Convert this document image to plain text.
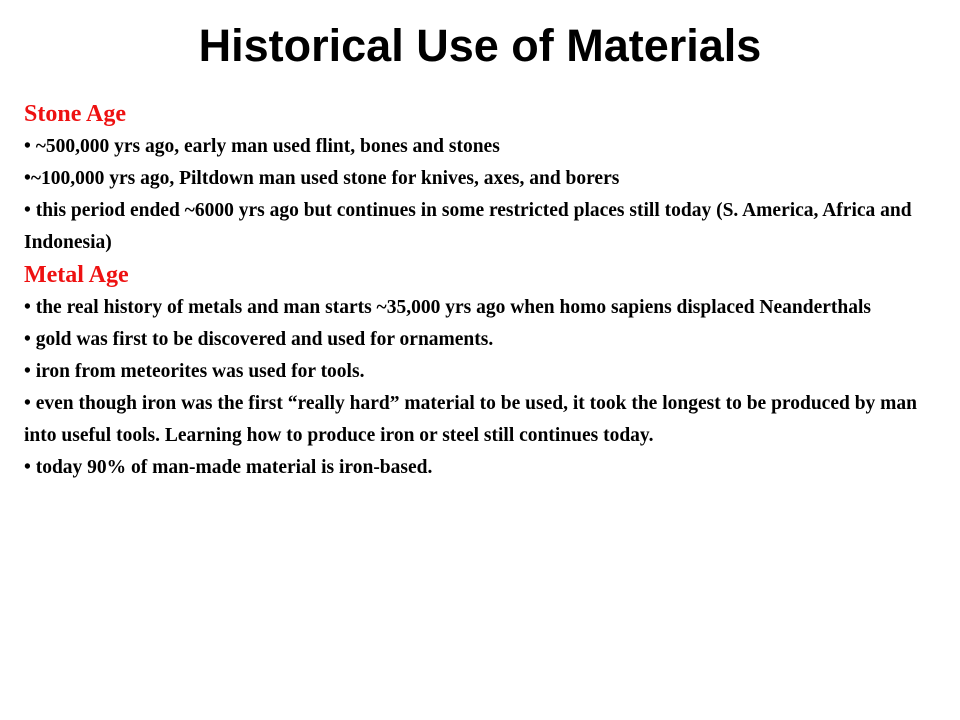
Historical Use of Materials

Stone Age

• ~500,000 yrs ago, early man used flint, bones and stones

•~100,000 yrs ago, Piltdown man used stone for knives, axes, and borers

• this period ended ~6000 yrs ago but continues in some restricted places still today (S. America, Africa and Indonesia)

Metal Age

• the real history of metals and man starts ~35,000 yrs ago when homo sapiens displaced Neanderthals

• gold was first to be discovered and used for ornaments.

• iron from meteorites was used for tools.

• even though iron was the first “really hard” material to be used, it took the longest to be produced by man into useful tools. Learning how to produce iron or steel still continues today.

• today 90% of man-made material is iron-based.
